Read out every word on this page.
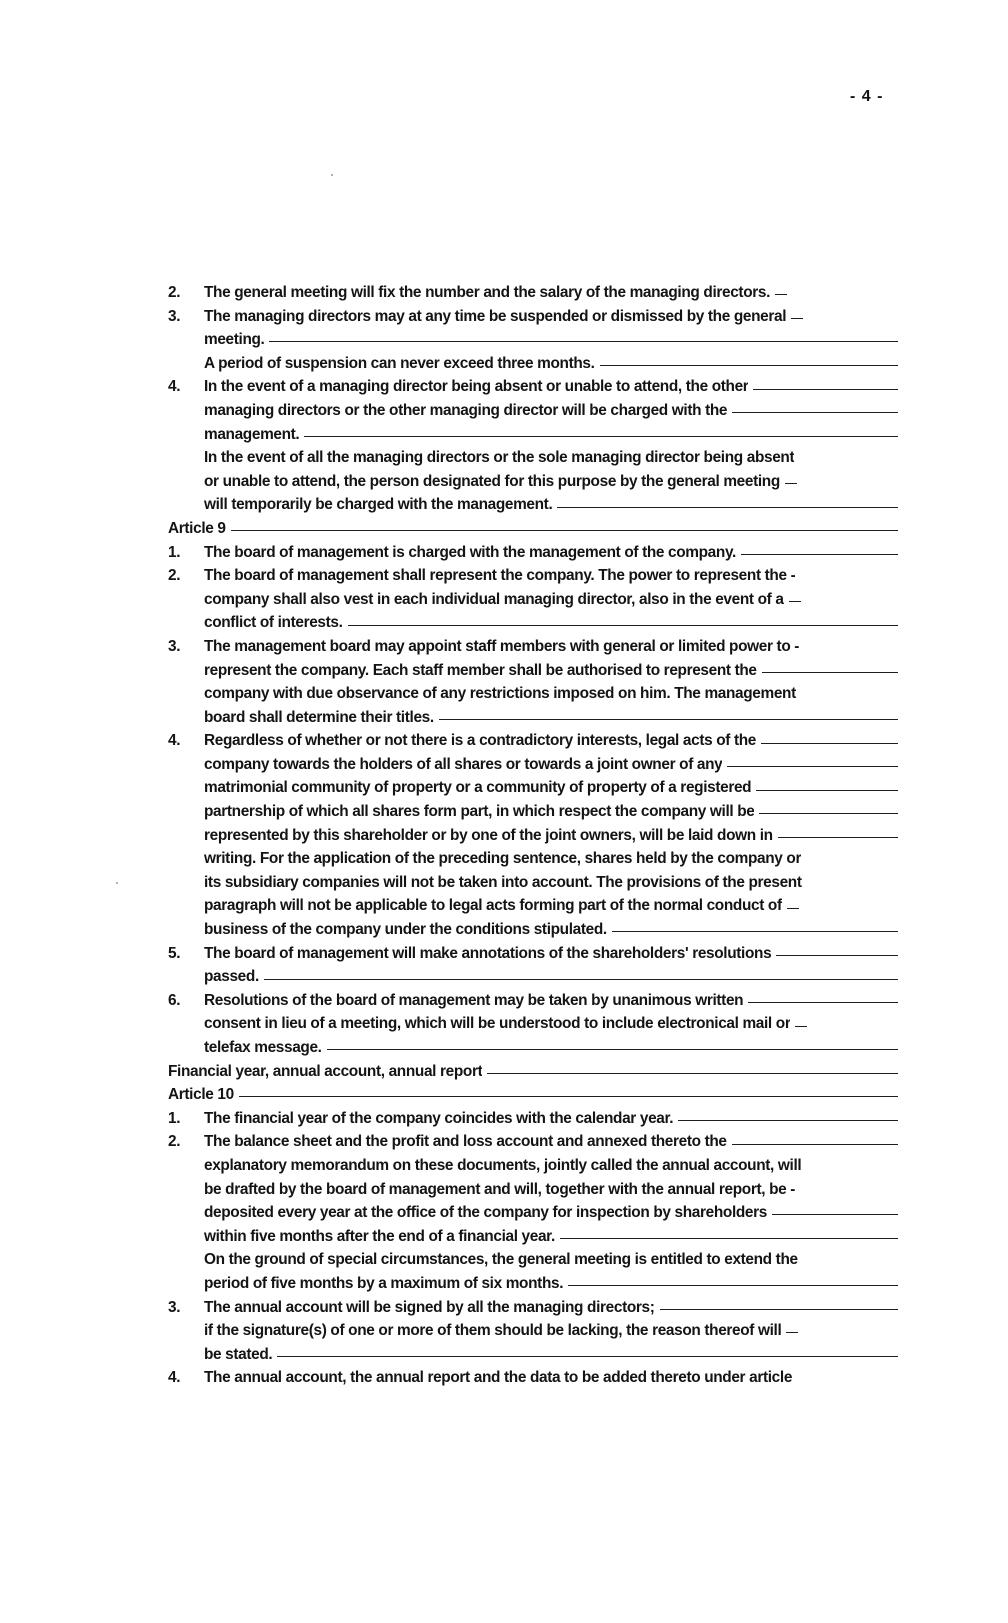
- 4 -
2.	The general meeting will fix the number and the salary of the managing directors.
3.	The managing directors may at any time be suspended or dismissed by the general
meeting.
A period of suspension can never exceed three months.
4.	In the event of a managing director being absent or unable to attend, the other
managing directors or the other managing director will be charged with the
management.
In the event of all the managing directors or the sole managing director being absent
or unable to attend, the person designated for this purpose by the general meeting
will temporarily be charged with the management.
Article 9
1.	The board of management is charged with the management of the company.
2.	The board of management shall represent the company. The power to represent the -
company shall also vest in each individual managing director, also in the event of a
conflict of interests.
3.	The management board may appoint staff members with general or limited power to -
represent the company. Each staff member shall be authorised to represent the
company with due observance of any restrictions imposed on him. The management
board shall determine their titles.
4.	Regardless of whether or not there is a contradictory interests, legal acts of the
company towards the holders of all shares or towards a joint owner of any
matrimonial community of property or a community of property of a registered
partnership of which all shares form part, in which respect the company will be
represented by this shareholder or by one of the joint owners, will be laid down in
writing. For the application of the preceding sentence, shares held by the company or
its subsidiary companies will not be taken into account. The provisions of the present
paragraph will not be applicable to legal acts forming part of the normal conduct of
business of the company under the conditions stipulated.
5.	The board of management will make annotations of the shareholders' resolutions
passed.
6.	Resolutions of the board of management may be taken by unanimous written
consent in lieu of a meeting, which will be understood to include electronical mail or
telefax message.
Financial year, annual account, annual report
Article 10
1.	The financial year of the company coincides with the calendar year.
2.	The balance sheet and the profit and loss account and annexed thereto the
explanatory memorandum on these documents, jointly called the annual account, will
be drafted by the board of management and will, together with the annual report, be -
deposited every year at the office of the company for inspection by shareholders
within five months after the end of a financial year.
On the ground of special circumstances, the general meeting is entitled to extend the
period of five months by a maximum of six months.
3.	The annual account will be signed by all the managing directors;
if the signature(s) of one or more of them should be lacking, the reason thereof will
be stated.
4.	The annual account, the annual report and the data to be added thereto under article
